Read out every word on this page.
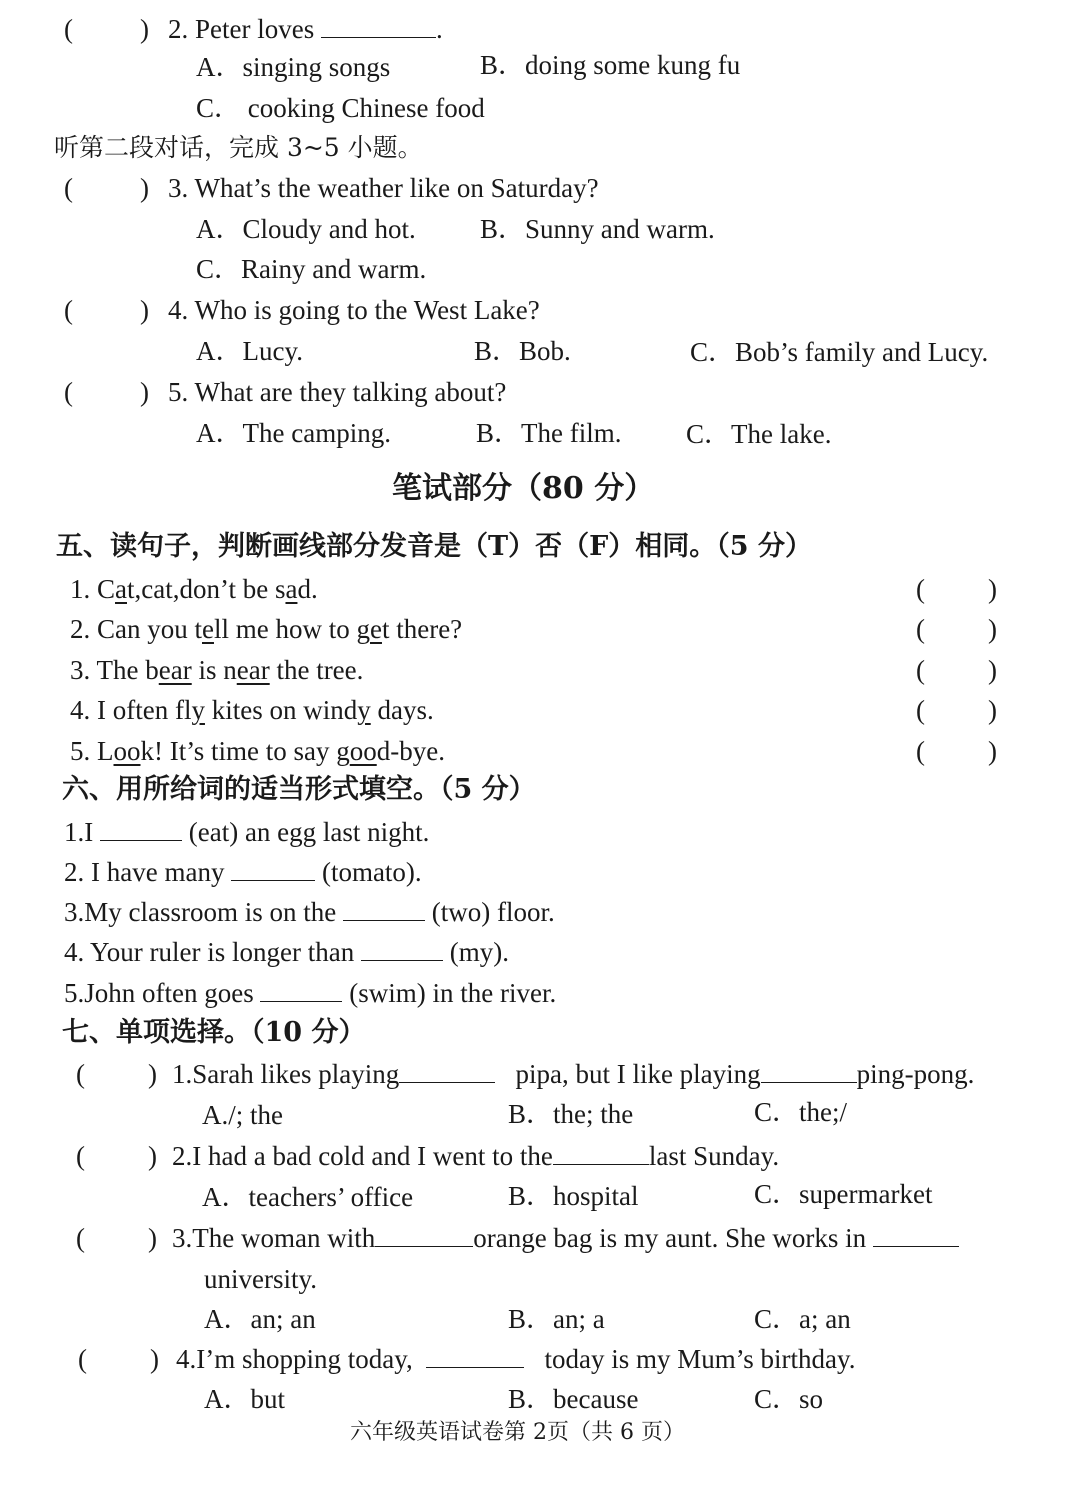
( ) 2. Peter loves	.
A．singing songs	B．doing some kung fu
C． cooking Chinese food
听第二段对话，完成 3~5 小题。
( ) 3. What’s the weather like on Saturday?
A．Cloudy and hot. B．Sunny and warm.
C．Rainy and warm.
( ) 4. Who is going to the West Lake?
A．Lucy.	B．Bob.	C．Bob’s family and Lucy.
( ) 5. What are they talking about?
A．The camping.	B．The film. C．The lake.
笔试部分（80 分）
五、读句子，判断画线部分发音是（T）否（F）相同。（5 分）
1. Cat,cat,don’t be sad.	( )
2. Can you tell me how to get there?	( )
3. The bear is near the tree.	( )
4. I often fly kites on windy days.	( )
5. Look! It’s time to say good-bye.	( )
六、用所给词的适当形式填空。（5 分）
1.I	(eat) an egg last night.
2. I have many	(tomato).
3.My classroom is on the	(two) floor.
4. Your ruler is longer than	(my).
5.John often goes	(swim) in the river.
七、单项选择。（10 分）
( ) 1.Sarah likes playing	pipa, but I like playing	ping-pong.
A./; the	B．the; the	C．the;/
( ) 2.I had a bad cold and I went to the	last Sunday.
A．teachers’ office	B．hospital	C．supermarket
( ) 3.The woman with	orange bag is my aunt. She works in
university.
A．an; an	B．an; a	C．a; an
( ) 4.I’m shopping today,	today is my Mum’s birthday.
A．but	B．because	C．so
六年级英语试卷第 2页（共 6 页）
